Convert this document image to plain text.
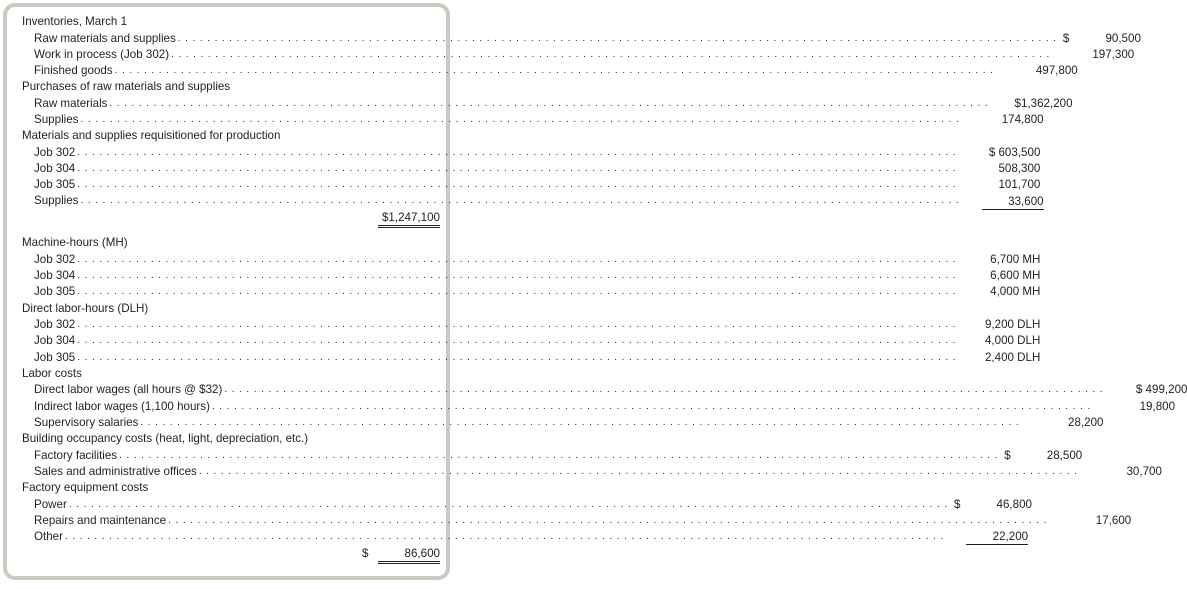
Inventories, March 1
Raw materials and supplies . . . . . . . . . . . . . . . . . . . . . . . . . . . . . . . . . . . . . . . . . . . . . . . . . . . . . . . . . . . . . . . . . . . . . . . . . . . . . . . . . . . . . . . . . . . . . . . . . . . . . . . . . . . . . . . . . . . . . . . . $	90,500
Work in process (Job 302) . . . . . . . . . . . . . . . . . . . . . . . . . . . . . . . . . . . . . . . . . . . . . . . . . . . . . . . . . . . . . . . . . . . . . . . . . . . . . . . . . . . . . . . . . . . . . . . . . . . . . . . . . . . . . . . . . . . . . . . .	197,300
Finished goods . . . . . . . . . . . . . . . . . . . . . . . . . . . . . . . . . . . . . . . . . . . . . . . . . . . . . . . . . . . . . . . . . . . . . . . . . . . . . . . . . . . . . . . . . . . . . . . . . . . . . . . . . . . . . . . . . . . . . . . .	497,800
Purchases of raw materials and supplies
Raw materials . . . . . . . . . . . . . . . . . . . . . . . . . . . . . . . . . . . . . . . . . . . . . . . . . . . . . . . . . . . . . . . . . . . . . . . . . . . . . . . . . . . . . . . . . . . . . . . . . . . . . . . . . . . . . . . . . . . . . . . .	$1,362,200
Supplies . . . . . . . . . . . . . . . . . . . . . . . . . . . . . . . . . . . . . . . . . . . . . . . . . . . . . . . . . . . . . . . . . . . . . . . . . . . . . . . . . . . . . . . . . . . . . . . . . . . . . . . . . . . . . . . . . . . . . . . .	174,800
Materials and supplies requisitioned for production
Job 302 . . . . . . . . . . . . . . . . . . . . . . . . . . . . . . . . . . . . . . . . . . . . . . . . . . . . . . . . . . . . . . . . . . . . . . . . . . . . . . . . . . . . . . . . . . . . . . . . . . . . . . . . . . . . . . . . . . . . . . . .	$ 603,500
Job 304 . . . . . . . . . . . . . . . . . . . . . . . . . . . . . . . . . . . . . . . . . . . . . . . . . . . . . . . . . . . . . . . . . . . . . . . . . . . . . . . . . . . . . . . . . . . . . . . . . . . . . . . . . . . . . . . . . . . . . . . .	508,300
Job 305 . . . . . . . . . . . . . . . . . . . . . . . . . . . . . . . . . . . . . . . . . . . . . . . . . . . . . . . . . . . . . . . . . . . . . . . . . . . . . . . . . . . . . . . . . . . . . . . . . . . . . . . . . . . . . . . . . . . . . . . .	101,700
Supplies . . . . . . . . . . . . . . . . . . . . . . . . . . . . . . . . . . . . . . . . . . . . . . . . . . . . . . . . . . . . . . . . . . . . . . . . . . . . . . . . . . . . . . . . . . . . . . . . . . . . . . . . . . . . . . . . . . . . . . . .	33,600
$1,247,100
Machine-hours (MH)
Job 302 . . . . . . . . . . . . . . . . . . . . . . . . . . . . . . . . . . . . . . . . . . . . . . . . . . . . . . . . . . . . . . . . . . . . . . . . . . . . . . . . . . . . . . . . . . . . . . . . . . . . . . . . . . . . . . . . . . . . . . . .	6,700 MH
Job 304 . . . . . . . . . . . . . . . . . . . . . . . . . . . . . . . . . . . . . . . . . . . . . . . . . . . . . . . . . . . . . . . . . . . . . . . . . . . . . . . . . . . . . . . . . . . . . . . . . . . . . . . . . . . . . . . . . . . . . . . .	6,600 MH
Job 305 . . . . . . . . . . . . . . . . . . . . . . . . . . . . . . . . . . . . . . . . . . . . . . . . . . . . . . . . . . . . . . . . . . . . . . . . . . . . . . . . . . . . . . . . . . . . . . . . . . . . . . . . . . . . . . . . . . . . . . . .	4,000 MH
Direct labor-hours (DLH)
Job 302 . . . . . . . . . . . . . . . . . . . . . . . . . . . . . . . . . . . . . . . . . . . . . . . . . . . . . . . . . . . . . . . . . . . . . . . . . . . . . . . . . . . . . . . . . . . . . . . . . . . . . . . . . . . . . . . . . . . . . . . .	9,200 DLH
Job 304 . . . . . . . . . . . . . . . . . . . . . . . . . . . . . . . . . . . . . . . . . . . . . . . . . . . . . . . . . . . . . . . . . . . . . . . . . . . . . . . . . . . . . . . . . . . . . . . . . . . . . . . . . . . . . . . . . . . . . . . .	4,000 DLH
Job 305 . . . . . . . . . . . . . . . . . . . . . . . . . . . . . . . . . . . . . . . . . . . . . . . . . . . . . . . . . . . . . . . . . . . . . . . . . . . . . . . . . . . . . . . . . . . . . . . . . . . . . . . . . . . . . . . . . . . . . . . .	2,400 DLH
Labor costs
Direct labor wages (all hours @ $32) . . . . . . . . . . . . . . . . . . . . . . . . . . . . . . . . . . . . . . . . . . . . . . . . . . . . . . . . . . . . . . . . . . . . . . . . . . . . . . . . . . . . . . . . . . . . . . . . . . . . . . . . . . . . . . . . . . . . . . . .	$ 499,200
Indirect labor wages (1,100 hours) . . . . . . . . . . . . . . . . . . . . . . . . . . . . . . . . . . . . . . . . . . . . . . . . . . . . . . . . . . . . . . . . . . . . . . . . . . . . . . . . . . . . . . . . . . . . . . . . . . . . . . . . . . . . . . . . . . . . . . . .	19,800
Supervisory salaries . . . . . . . . . . . . . . . . . . . . . . . . . . . . . . . . . . . . . . . . . . . . . . . . . . . . . . . . . . . . . . . . . . . . . . . . . . . . . . . . . . . . . . . . . . . . . . . . . . . . . . . . . . . . . . . . . . . . . . . .	28,200
Building occupancy costs (heat, light, depreciation, etc.)
Factory facilities . . . . . . . . . . . . . . . . . . . . . . . . . . . . . . . . . . . . . . . . . . . . . . . . . . . . . . . . . . . . . . . . . . . . . . . . . . . . . . . . . . . . . . . . . . . . . . . . . . . . . . . . . . . . . . . . . . . . . . . . $	28,500
Sales and administrative offices . . . . . . . . . . . . . . . . . . . . . . . . . . . . . . . . . . . . . . . . . . . . . . . . . . . . . . . . . . . . . . . . . . . . . . . . . . . . . . . . . . . . . . . . . . . . . . . . . . . . . . . . . . . . . . . . . . . . . . . .	30,700
Factory equipment costs
Power . . . . . . . . . . . . . . . . . . . . . . . . . . . . . . . . . . . . . . . . . . . . . . . . . . . . . . . . . . . . . . . . . . . . . . . . . . . . . . . . . . . . . . . . . . . . . . . . . . . . . . . . . . . . . . . . . . . . . . . . $	46,800
Repairs and maintenance . . . . . . . . . . . . . . . . . . . . . . . . . . . . . . . . . . . . . . . . . . . . . . . . . . . . . . . . . . . . . . . . . . . . . . . . . . . . . . . . . . . . . . . . . . . . . . . . . . . . . . . . . . . . . . . . . . . . . . . .	17,600
Other . . . . . . . . . . . . . . . . . . . . . . . . . . . . . . . . . . . . . . . . . . . . . . . . . . . . . . . . . . . . . . . . . . . . . . . . . . . . . . . . . . . . . . . . . . . . . . . . . . . . . . . . . . . . . . . . . . . . . . . .	22,200
$	86,600
